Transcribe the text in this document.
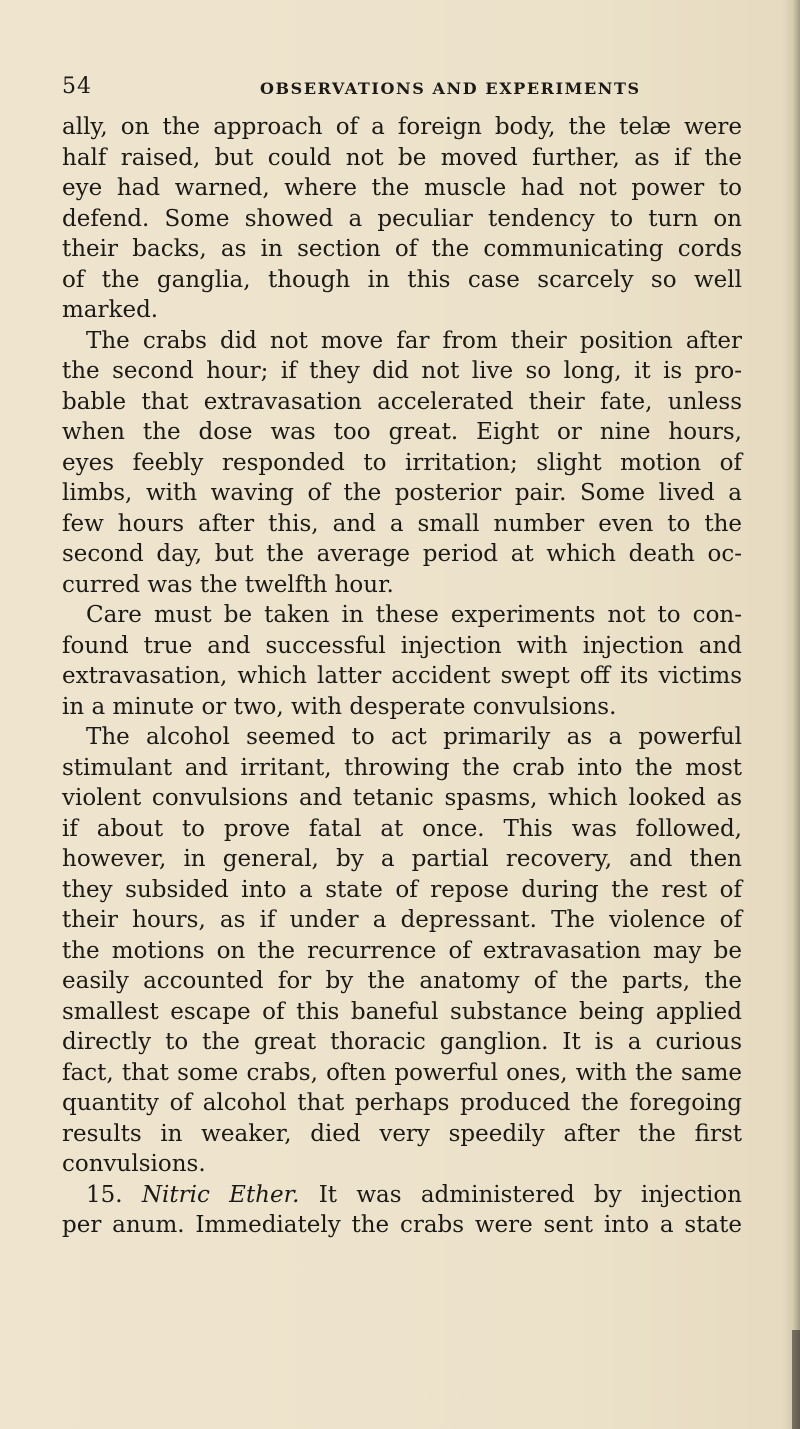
54	OBSERVATIONS AND EXPERIMENTS
ally, on the approach of a foreign body, the telæ were
half raised, but could not be moved further, as if the
eye had warned, where the muscle had not power to
defend. Some showed a peculiar tendency to turn on
their backs, as in section of the communicating cords
of the ganglia, though in this case scarcely so well
marked.
The crabs did not move far from their position after
the second hour; if they did not live so long, it is pro-
bable that extravasation accelerated their fate, unless
when the dose was too great. Eight or nine hours,
eyes feebly responded to irritation; slight motion of
limbs, with waving of the posterior pair. Some lived a
few hours after this, and a small number even to the
second day, but the average period at which death oc-
curred was the twelfth hour.
Care must be taken in these experiments not to con-
found true and successful injection with injection and
extravasation, which latter accident swept off its victims
in a minute or two, with desperate convulsions.
The alcohol seemed to act primarily as a powerful
stimulant and irritant, throwing the crab into the most
violent convulsions and tetanic spasms, which looked as
if about to prove fatal at once. This was followed,
however, in general, by a partial recovery, and then
they subsided into a state of repose during the rest of
their hours, as if under a depressant. The violence of
the motions on the recurrence of extravasation may be
easily accounted for by the anatomy of the parts, the
smallest escape of this baneful substance being applied
directly to the great thoracic ganglion. It is a curious
fact, that some crabs, often powerful ones, with the same
quantity of alcohol that perhaps produced the foregoing
results in weaker, died very speedily after the first
convulsions.
15. Nitric Ether. It was administered by injection
per anum. Immediately the crabs were sent into a state
